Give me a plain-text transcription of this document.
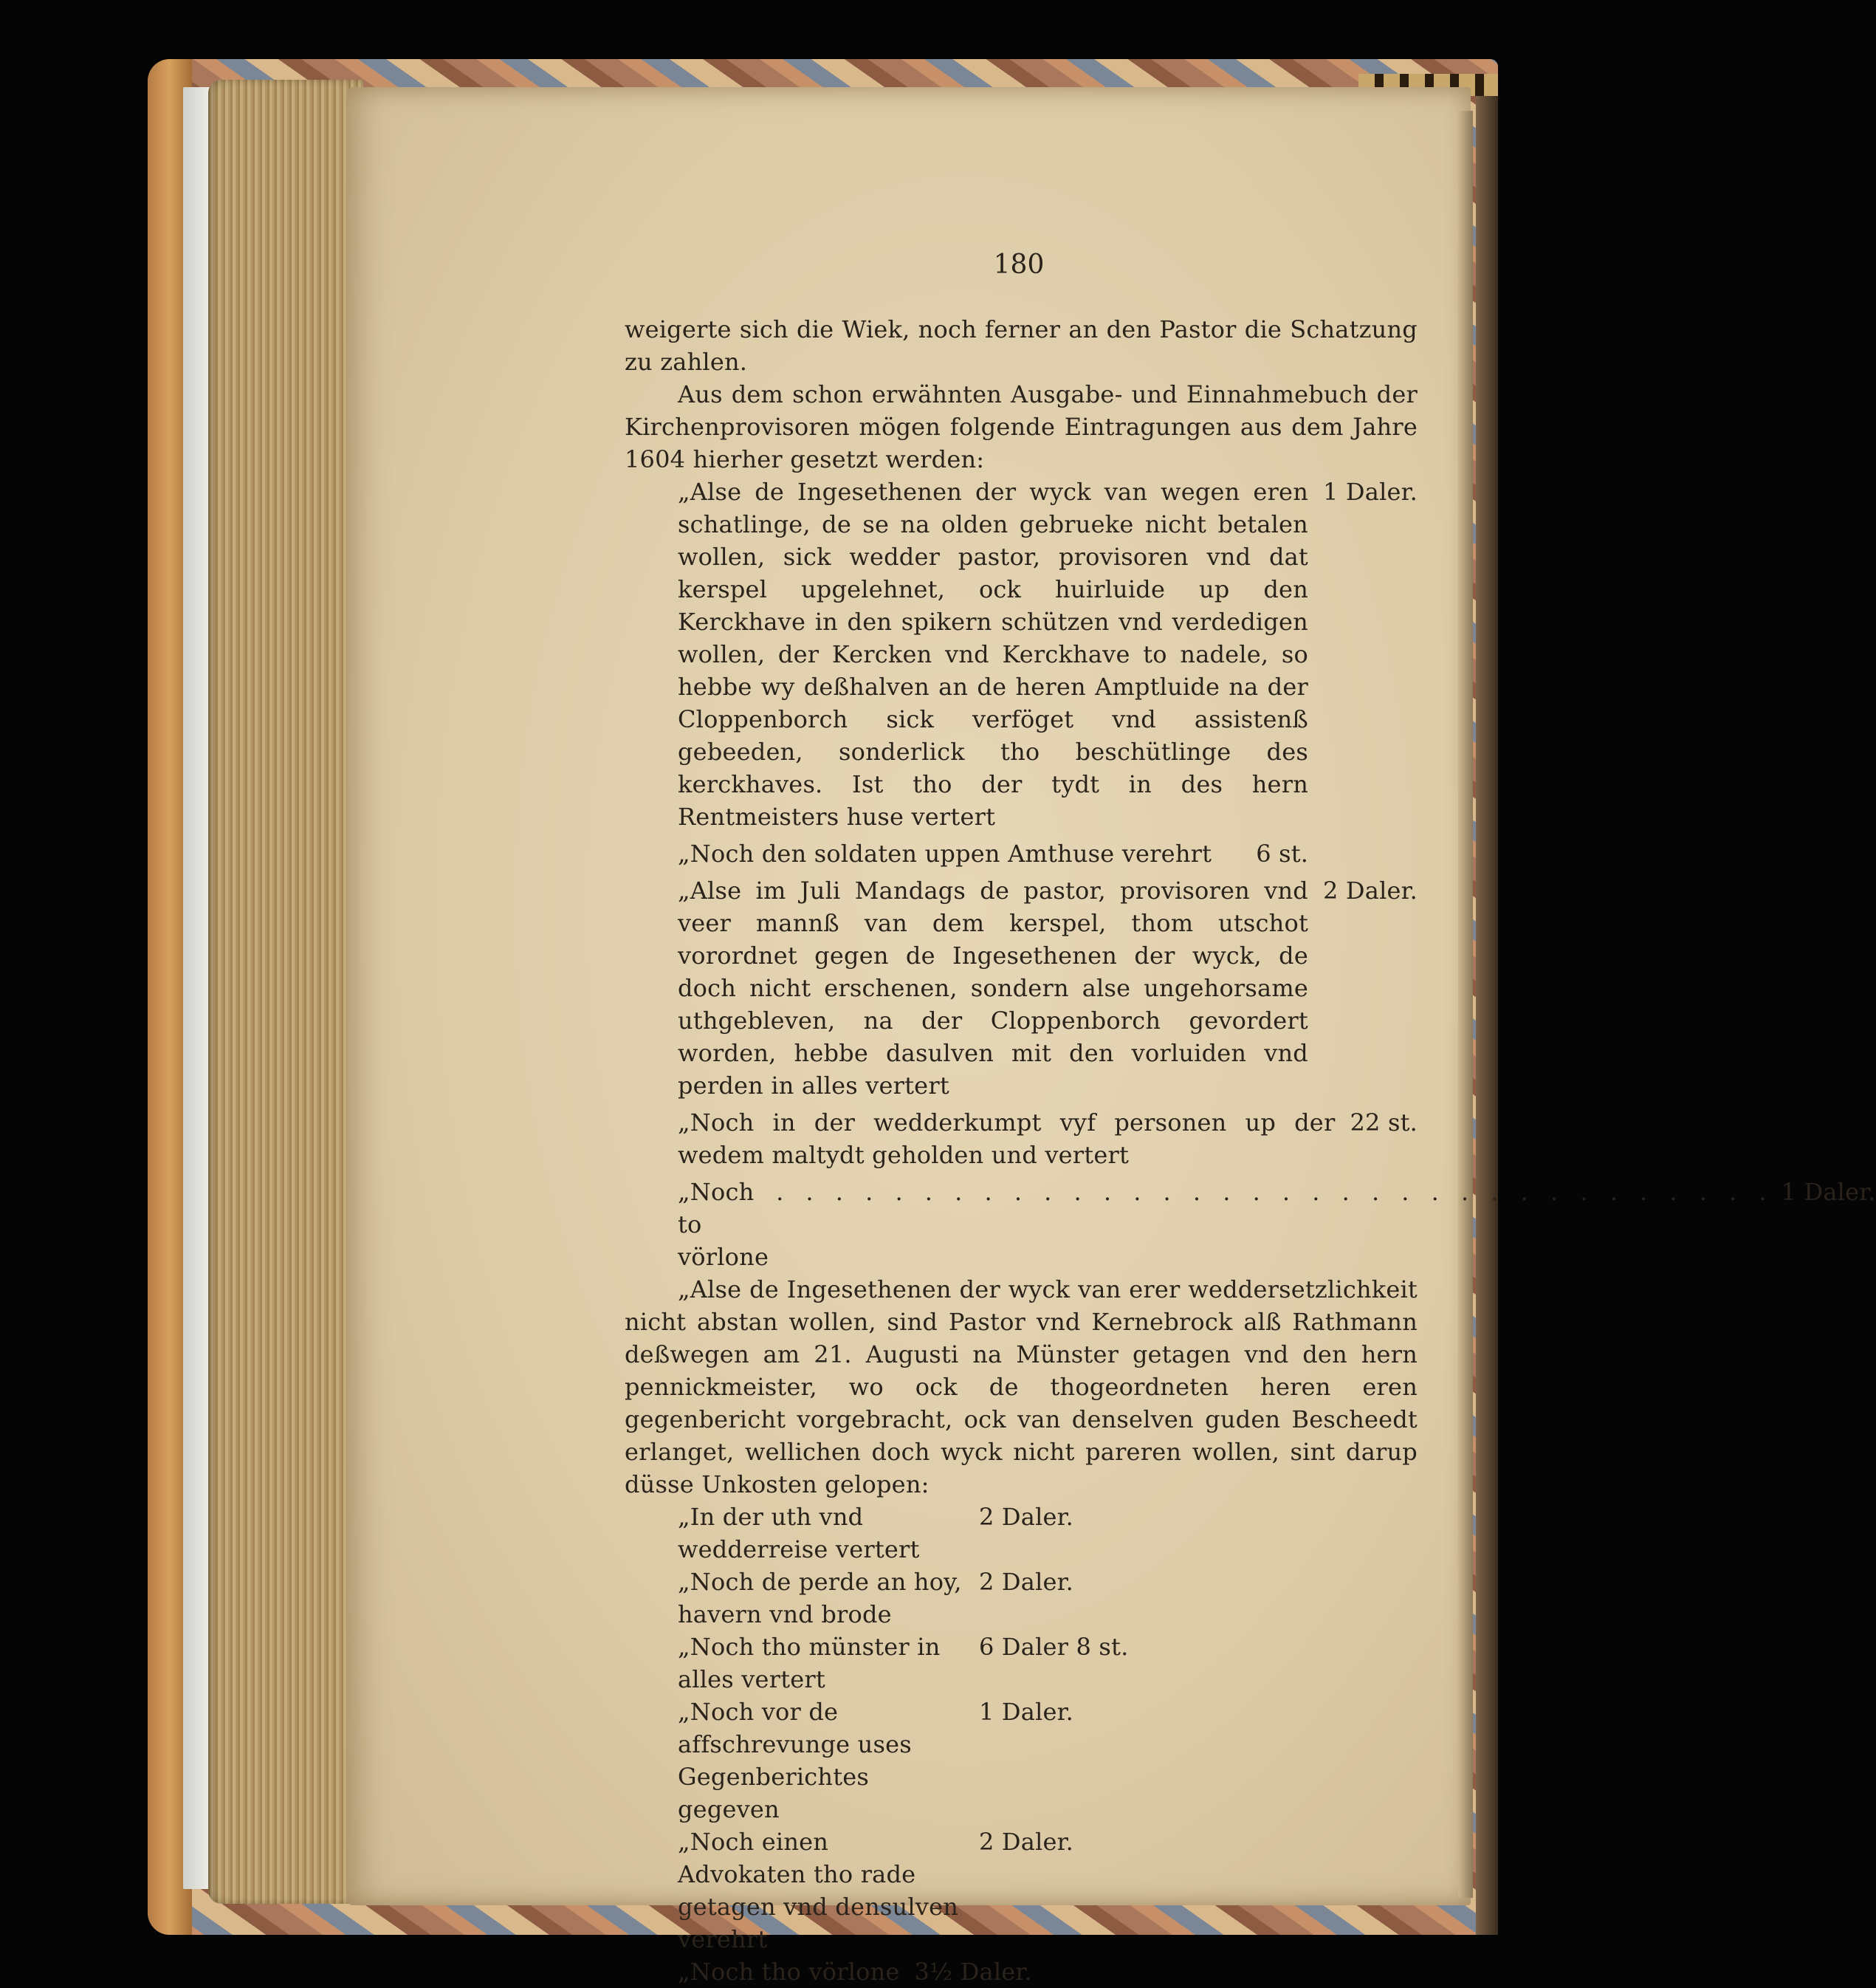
180

weigerte sich die Wiek, noch ferner an den Pastor die Schatzung zu zahlen.

Aus dem schon erwähnten Ausgabe- und Einnahmebuch der Kirchenprovisoren mögen folgende Eintragungen aus dem Jahre 1604 hierher gesetzt werden:

„Alse de Ingesethenen der wyck van wegen eren schatlinge, de se na olden gebrueke nicht betalen wollen, sick wedder pastor, provisoren vnd dat kerspel upgelehnet, ock huirluide up den Kerckhave in den spikern schützen vnd verdedigen wollen, der Kercken vnd Kerckhave to nadele, so hebbe wy deßhalven an de heren Amptluide na der Cloppenborch sick verföget vnd assistenß gebeeden, sonderlick tho beschütlinge des kerckhaves. Ist tho der tydt in des hern Rentmeisters huse vertert
1 Daler.
„Noch den soldaten uppen Amthuse verehrt 6 st.
„Alse im Juli Mandags de pastor, provisoren vnd veer mannß van dem kerspel, thom utschot vorordnet gegen de Ingesethenen der wyck, de doch nicht erschenen, sondern alse ungehorsame uthgebleven, na der Cloppenborch gevordert worden, hebbe dasulven mit den vorluiden vnd perden in alles vertert
2 Daler.
„Noch in der wedderkumpt vyf personen up der wedem maltydt geholden und vertert
22 st.
„Noch to vörlone
. . . . . . . . . . . . . . . . . . . . . . . . . . . . . . . . . . 1 Daler.

„Alse de Ingesethenen der wyck van erer weddersetzlichkeit nicht abstan wollen, sind Pastor vnd Kernebrock alß Rathmann deßwegen am 21. Augusti na Münster getagen vnd den hern pennickmeister, wo ock de thogeordneten heren eren gegenbericht vorgebracht, ock van denselven guden Bescheedt erlanget, wellichen doch wyck nicht pareren wollen, sint darup düsse Unkosten gelopen:

„In der uth vnd wedderreise vertert
2 Daler.
„Noch de perde an hoy, havern vnd brode
2 Daler.
„Noch tho münster in alles vertert
6 Daler 8 st.
„Noch vor de affschrevunge uses Gegenberichtes gegeven
1 Daler.
„Noch einen Advokaten tho rade getagen vnd densulven verehrt
2 Daler.
„Noch tho vörlone 3½ Daler.
